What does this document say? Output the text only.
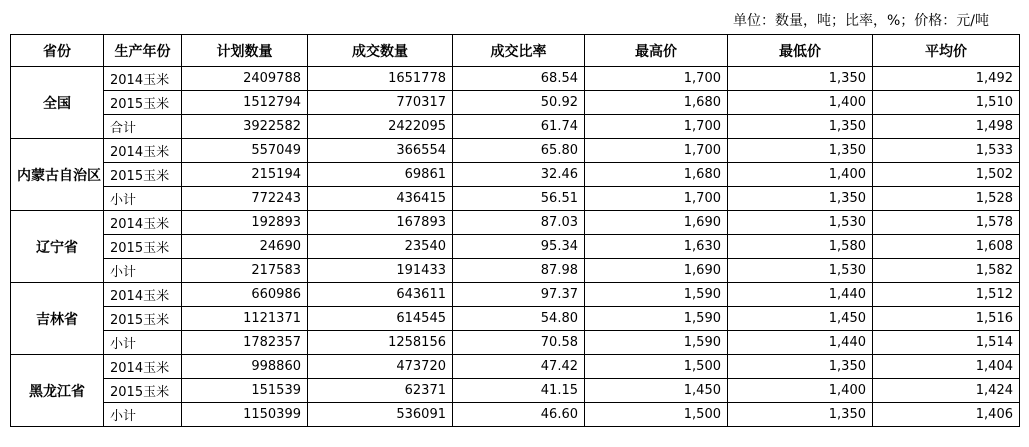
单位：数量，吨；比率，%；价格：元/吨
省份	生产年份	计划数量	成交数量	成交比率	最高价	最低价	平均价
全国	2014玉米	2409788	1651778	68.54	1,700	1,350	1,492
	2015玉米	1512794	770317	50.92	1,680	1,400	1,510
	合计	3922582	2422095	61.74	1,700	1,350	1,498
内蒙古自治区	2014玉米	557049	366554	65.80	1,700	1,350	1,533
	2015玉米	215194	69861	32.46	1,680	1,400	1,502
	小计	772243	436415	56.51	1,700	1,350	1,528
辽宁省	2014玉米	192893	167893	87.03	1,690	1,530	1,578
	2015玉米	24690	23540	95.34	1,630	1,580	1,608
	小计	217583	191433	87.98	1,690	1,530	1,582
吉林省	2014玉米	660986	643611	97.37	1,590	1,440	1,512
	2015玉米	1121371	614545	54.80	1,590	1,450	1,516
	小计	1782357	1258156	70.58	1,590	1,440	1,514
黑龙江省	2014玉米	998860	473720	47.42	1,500	1,350	1,404
	2015玉米	151539	62371	41.15	1,450	1,400	1,424
	小计	1150399	536091	46.60	1,500	1,350	1,406
